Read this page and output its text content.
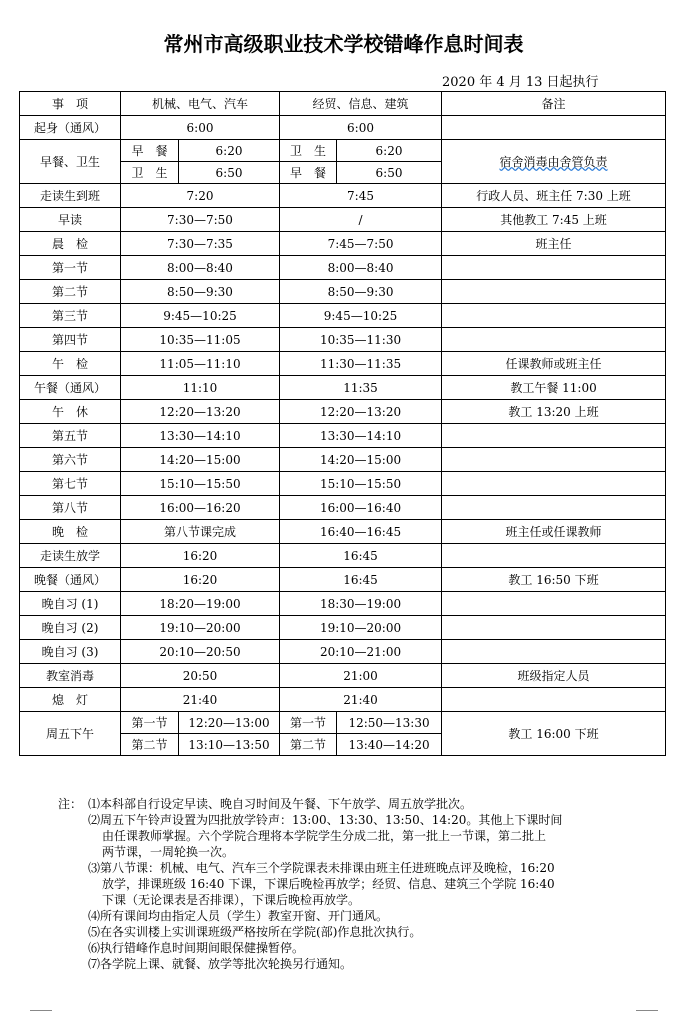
常州市高级职业技术学校错峰作息时间表
2020 年 4 月 13 日起执行
事　项	机械、电气、汽车		经贸、信息、建筑		备注
起身（通风）	6:00		6:00		
早餐、卫生	早　餐	6:20	卫　生	6:20	宿舍消毒由舍管负责
	卫　生	6:50	早　餐	6:50	
走读生到班	7:20		7:45		行政人员、班主任 7:30 上班
早读	7:30—7:50		/		其他教工 7:45 上班
晨　检	7:30—7:35		7:45—7:50		班主任
第一节	8:00—8:40		8:00—8:40		
第二节	8:50—9:30		8:50—9:30		
第三节	9:45—10:25		9:45—10:25		
第四节	10:35—11:05		10:35—11:30		
午　检	11:05—11:10		11:30—11:35		任课教师或班主任
午餐（通风）	11:10		11:35		教工午餐 11:00
午　休	12:20—13:20		12:20—13:20		教工 13:20 上班
第五节	13:30—14:10		13:30—14:10		
第六节	14:20—15:00		14:20—15:00		
第七节	15:10—15:50		15:10—15:50		
第八节	16:00—16:20		16:00—16:40		
晚　检	第八节课完成		16:40—16:45		班主任或任课教师
走读生放学	16:20		16:45		
晚餐（通风）	16:20		16:45		教工 16:50 下班
晚自习 (1)	18:20—19:00		18:30—19:00		
晚自习 (2)	19:10—20:00		19:10—20:00		
晚自习 (3)	20:10—20:50		20:10—21:00		
教室消毒	20:50		21:00		班级指定人员
熄　灯	21:40		21:40		
周五下午	第一节	12:20—13:00	第一节	12:50—13:30	教工 16:00 下班
	第二节	13:10—13:50	第二节	13:40—14:20	
注： ⑴本科部自行设定早读、晚自习时间及午餐、下午放学、周五放学批次。
⑵周五下午铃声设置为四批放学铃声：13:00、13:30、13:50、14:20。其他上下课时间
由任课教师掌握。六个学院合理将本学院学生分成二批，第一批上一节课，第二批上
两节课，一周轮换一次。
⑶第八节课：机械、电气、汽车三个学院课表未排课由班主任进班晚点评及晚检，16:20
放学，排课班级 16:40 下课，下课后晚检再放学；经贸、信息、建筑三个学院 16:40
下课（无论课表是否排课），下课后晚检再放学。
⑷所有课间均由指定人员（学生）教室开窗、开门通风。
⑸在各实训楼上实训课班级严格按所在学院(部)作息批次执行。
⑹执行错峰作息时间期间眼保健操暂停。
⑺各学院上课、就餐、放学等批次轮换另行通知。
